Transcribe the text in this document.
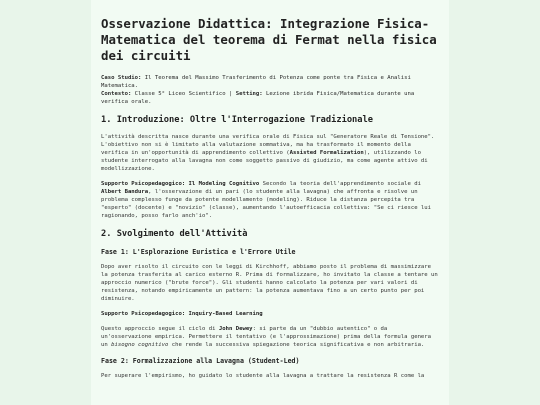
Osservazione Didattica: Integrazione Fisica-Matematica del teorema di Fermat nella fisica dei circuiti
Caso Studio: Il Teorema del Massimo Trasferimento di Potenza come ponte tra Fisica e Analisi Matematica.
Contesto: Classe 5° Liceo Scientifico | Setting: Lezione ibrida Fisica/Matematica durante una verifica orale.
1. Introduzione: Oltre l'Interrogazione Tradizionale

L'attività descritta nasce durante una verifica orale di Fisica sul "Generatore Reale di Tensione". L'obiettivo non si è limitato alla valutazione sommativa, ma ha trasformato il momento della verifica in un'opportunità di apprendimento collettivo (Assisted Formalization), utilizzando lo studente interrogato alla lavagna non come soggetto passivo di giudizio, ma come agente attivo di modellizzazione.

Supporto Psicopedagogico: Il Modeling Cognitivo Secondo la teoria dell'apprendimento sociale di Albert Bandura, l'osservazione di un pari (lo studente alla lavagna) che affronta e risolve un problema complesso funge da potente modellamento (modeling). Riduce la distanza percepita tra "esperto" (docente) e "novizio" (classe), aumentando l'autoefficacia collettiva: "Se ci riesce lui ragionando, posso farlo anch'io".

2. Svolgimento dell'Attività
Fase 1: L'Esplorazione Euristica e l'Errore Utile

Dopo aver risolto il circuito con le leggi di Kirchhoff, abbiamo posto il problema di massimizzare la potenza trasferita al carico esterno R. Prima di formalizzare, ho invitato la classe a tentare un approccio numerico ("brute force"). Gli studenti hanno calcolato la potenza per vari valori di resistenza, notando empiricamente un pattern: la potenza aumentava fino a un certo punto per poi diminuire.

Supporto Psicopedagogico: Inquiry-Based Learning

Questo approccio segue il ciclo di John Dewey: si parte da un "dubbio autentico" o da un'osservazione empirica. Permettere il tentativo (e l'approssimazione) prima della formula genera un bisogno cognitivo che rende la successiva spiegazione teorica significativa e non arbitraria.

Fase 2: Formalizzazione alla Lavagna (Student-Led)

Per superare l'empirismo, ho guidato lo studente alla lavagna a trattare la resistenza R come la
